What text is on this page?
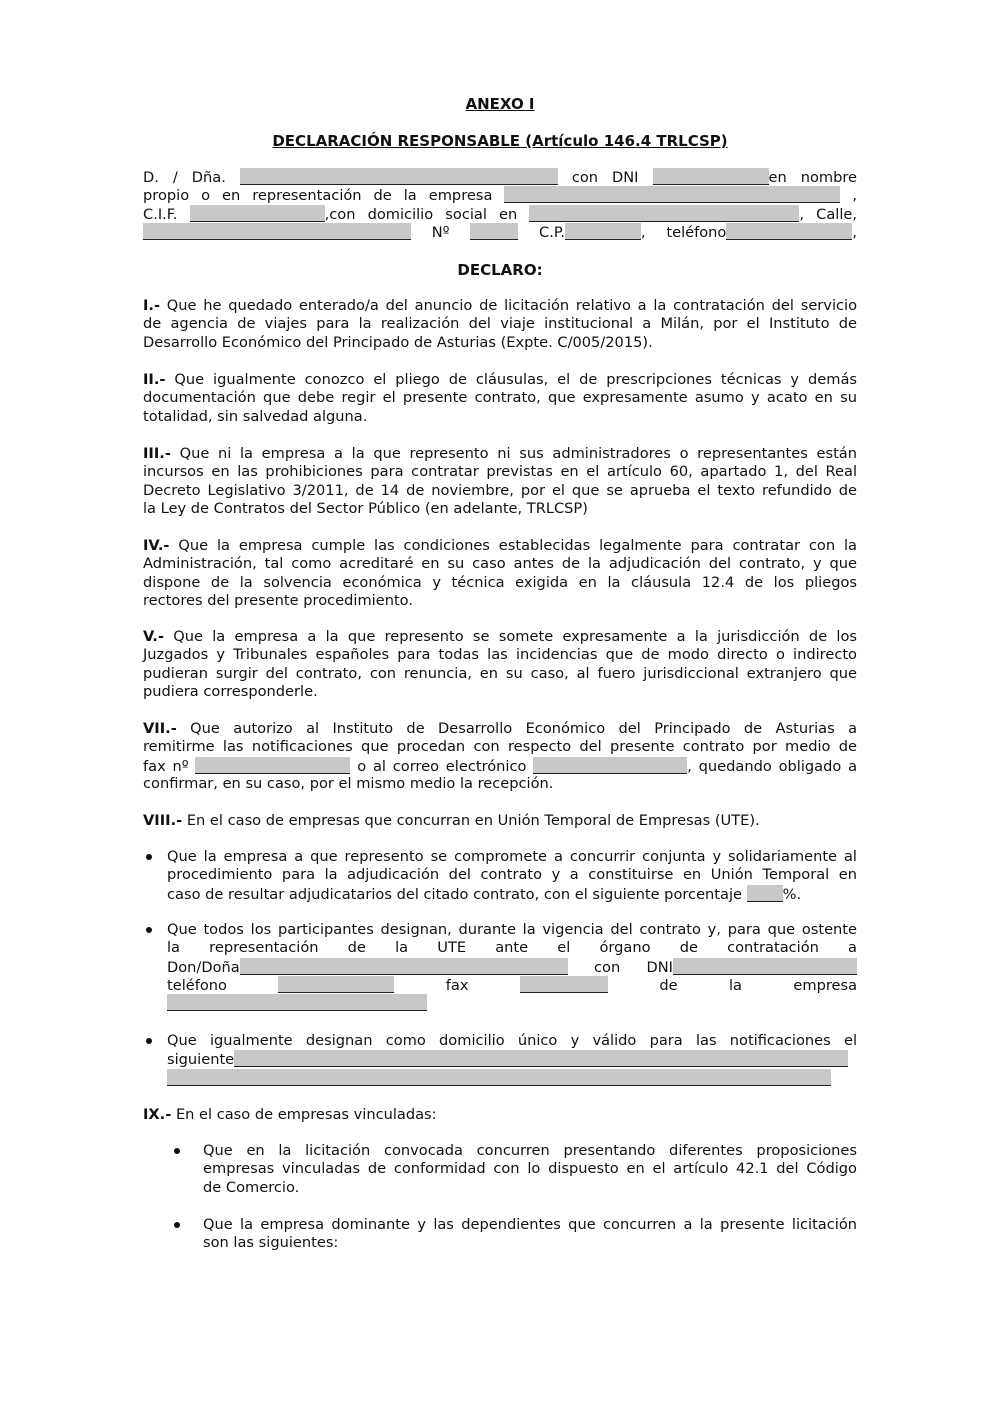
ANEXO I
DECLARACIÓN RESPONSABLE (Artículo 146.4 TRLCSP)
D. / Dña.	con DNI	en nombre
propio o en representación de la empresa	,
C.I.F.	,con domicilio social en	, Calle,
Nº	C.P.	, teléfono	,
DECLARO:
I.- Que he quedado enterado/a del anuncio de licitación relativo a la contratación del servicio
de agencia de viajes para la realización del viaje institucional a Milán, por el Instituto de
Desarrollo Económico del Principado de Asturias (Expte. C/005/2015).
II.- Que igualmente conozco el pliego de cláusulas, el de prescripciones técnicas y demás
documentación que debe regir el presente contrato, que expresamente asumo y acato en su
totalidad, sin salvedad alguna.
III.- Que ni la empresa a la que represento ni sus administradores o representantes están
incursos en las prohibiciones para contratar previstas en el artículo 60, apartado 1, del Real
Decreto Legislativo 3/2011, de 14 de noviembre, por el que se aprueba el texto refundido de
la Ley de Contratos del Sector Público (en adelante, TRLCSP)
IV.- Que la empresa cumple las condiciones establecidas legalmente para contratar con la
Administración, tal como acreditaré en su caso antes de la adjudicación del contrato, y que
dispone de la solvencia económica y técnica exigida en la cláusula 12.4 de los pliegos
rectores del presente procedimiento.
V.- Que la empresa a la que represento se somete expresamente a la jurisdicción de los
Juzgados y Tribunales españoles para todas las incidencias que de modo directo o indirecto
pudieran surgir del contrato, con renuncia, en su caso, al fuero jurisdiccional extranjero que
pudiera corresponderle.
VII.- Que autorizo al Instituto de Desarrollo Económico del Principado de Asturias a
remitirme las notificaciones que procedan con respecto del presente contrato por medio de
fax nº	o al correo electrónico	, quedando obligado a
confirmar, en su caso, por el mismo medio la recepción.
VIII.- En el caso de empresas que concurran en Unión Temporal de Empresas (UTE).
Que la empresa a que represento se compromete a concurrir conjunta y solidariamente al
procedimiento para la adjudicación del contrato y a constituirse en Unión Temporal en
caso de resultar adjudicatarios del citado contrato, con el siguiente porcentaje	%.
Que todos los participantes designan, durante la vigencia del contrato y, para que ostente
la representación de la UTE ante el órgano de contratación a
Don/Doña	con DNI
teléfono	fax	de	la	empresa
Que igualmente designan como domicilio único y válido para las notificaciones el
siguiente
IX.- En el caso de empresas vinculadas:
Que en la licitación convocada concurren presentando diferentes proposiciones
empresas vinculadas de conformidad con lo dispuesto en el artículo 42.1 del Código
de Comercio.
Que la empresa dominante y las dependientes que concurren a la presente licitación
son las siguientes:
